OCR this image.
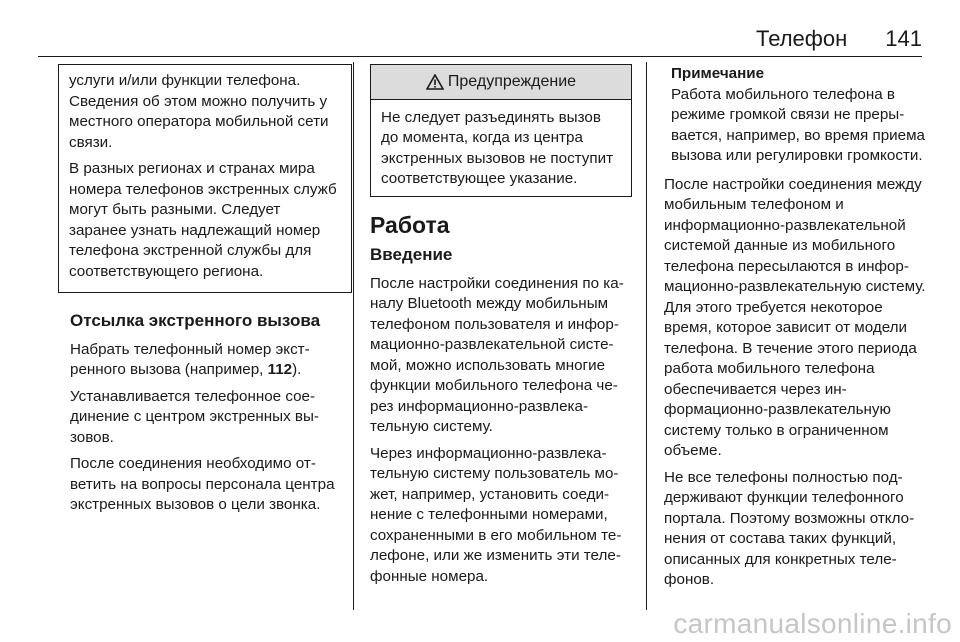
Телефон 141

услуги и/или функции телефона. Сведения об этом можно получить у местного оператора мобильной сети связи.

В разных регионах и странах мира номера телефонов экстренных служб могут быть разными. Следует заранее узнать надлежащий номер телефона экстренной службы для соответствующего региона.

Отсылка экстренного вызова

Набрать телефонный номер экстренного вызова (например, 112).

Устанавливается телефонное соединение с центром экстренных вызовов.

После соединения необходимо ответить на вопросы персонала центра экстренных вызовов о цели звонка.

Предупреждение
Не следует разъединять вызов до момента, когда из центра экстренных вызовов не поступит соответствующее указание.
Работа
Введение

После настройки соединения по каналу Bluetooth между мобильным телефоном пользователя и информационно-развлекательной системой, можно использовать многие функции мобильного телефона через информационно-развлекательную систему.

Через информационно-развлекательную систему пользователь может, например, установить соединение с телефонными номерами, сохраненными в его мобильном телефоне, или же изменить эти телефонные номера.

Примечание
Работа мобильного телефона в режиме громкой связи не прерывается, например, во время приема вызова или регулировки громкости.

После настройки соединения между мобильным телефоном и информационно-развлекательной системой данные из мобильного телефона пересылаются в информационно-развлекательную систему. Для этого требуется некоторое время, которое зависит от модели телефона. В течение этого периода работа мобильного телефона обеспечивается через информационно-развлекательную систему только в ограниченном объеме.

Не все телефоны полностью поддерживают функции телефонного портала. Поэтому возможны отклонения от состава таких функций, описанных для конкретных телефонов.

carmanualsonline.info
